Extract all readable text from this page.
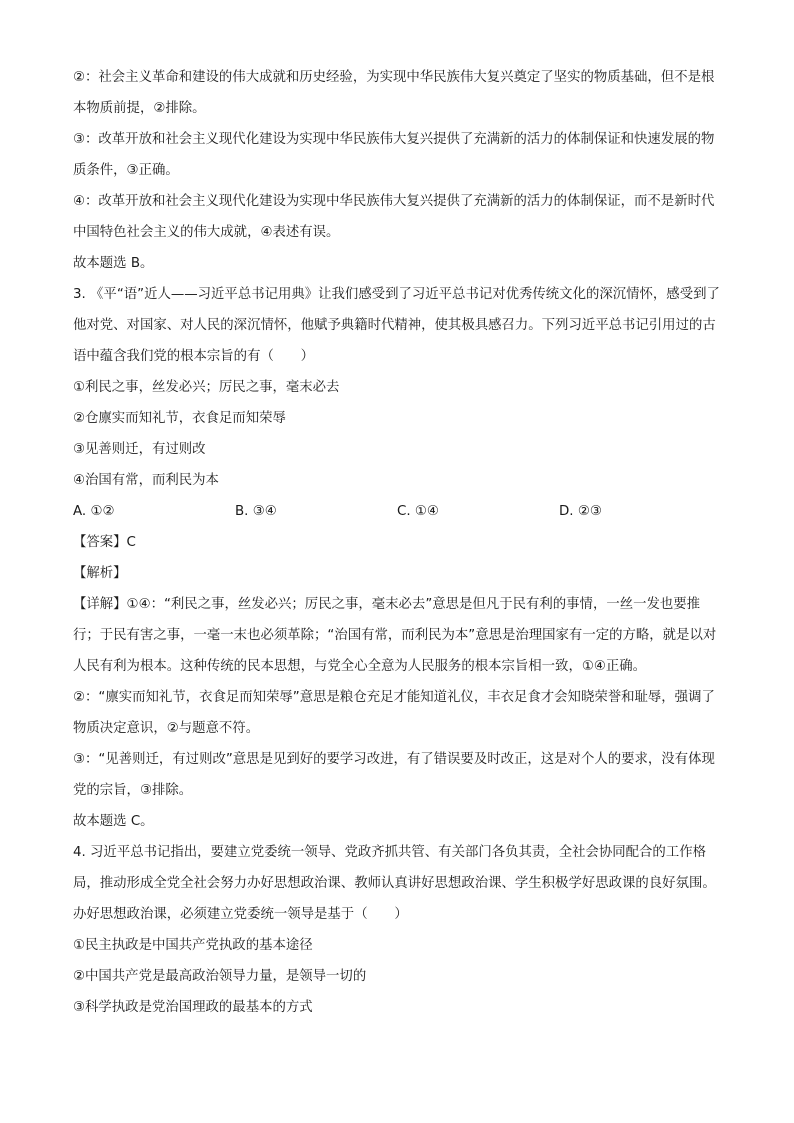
②：社会主义革命和建设的伟大成就和历史经验，为实现中华民族伟大复兴奠定了坚实的物质基础，但不是根本物质前提，②排除。

③：改革开放和社会主义现代化建设为实现中华民族伟大复兴提供了充满新的活力的体制保证和快速发展的物质条件，③正确。

④：改革开放和社会主义现代化建设为实现中华民族伟大复兴提供了充满新的活力的体制保证，而不是新时代中国特色社会主义的伟大成就，④表述有误。

故本题选 B。

3. 《平“语”近人——习近平总书记用典》让我们感受到了习近平总书记对优秀传统文化的深沉情怀，感受到了他对党、对国家、对人民的深沉情怀，他赋予典籍时代精神，使其极具感召力。下列习近平总书记引用过的古语中蕴含我们党的根本宗旨的有（　　）

①利民之事，丝发必兴；厉民之事，毫末必去

②仓廪实而知礼节，衣食足而知荣辱

③见善则迁，有过则改

④治国有常，而利民为本

A. ①②	B. ③④	C. ①④	D. ②③

【答案】C

【解析】

【详解】①④：“利民之事，丝发必兴；厉民之事，毫末必去”意思是但凡于民有利的事情，一丝一发也要推行；于民有害之事，一毫一末也必须革除；“治国有常，而利民为本”意思是治理国家有一定的方略，就是以对人民有利为根本。这种传统的民本思想，与党全心全意为人民服务的根本宗旨相一致，①④正确。

②：“廪实而知礼节，衣食足而知荣辱”意思是粮仓充足才能知道礼仪，丰衣足食才会知晓荣誉和耻辱，强调了物质决定意识，②与题意不符。

③：“见善则迁，有过则改”意思是见到好的要学习改进，有了错误要及时改正，这是对个人的要求，没有体现党的宗旨，③排除。

故本题选 C。

4. 习近平总书记指出，要建立党委统一领导、党政齐抓共管、有关部门各负其责，全社会协同配合的工作格局，推动形成全党全社会努力办好思想政治课、教师认真讲好思想政治课、学生积极学好思政课的良好氛围。办好思想政治课，必须建立党委统一领导是基于（　　）

①民主执政是中国共产党执政的基本途径

②中国共产党是最高政治领导力量，是领导一切的

③科学执政是党治国理政的最基本的方式
